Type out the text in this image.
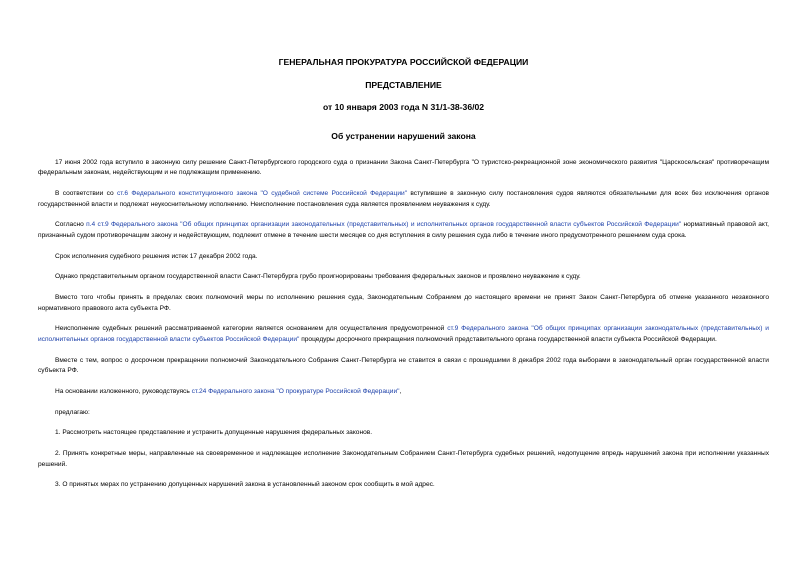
ГЕНЕРАЛЬНАЯ ПРОКУРАТУРА РОССИЙСКОЙ ФЕДЕРАЦИИ
ПРЕДСТАВЛЕНИЕ
от 10 января 2003 года N 31/1-38-36/02
Об устранении нарушений закона

17 июня 2002 года вступило в законную силу решение Санкт-Петербургского городского суда о признании Закона Санкт-Петербурга "О туристско-рекреационной зоне экономического развития "Царскосельская" противоречащим федеральным законам, недействующим и не подлежащим применению.

В соответствии со ст.6 Федерального конституционного закона "О судебной системе Российской Федерации" вступившие в законную силу постановления судов являются обязательными для всех без исключения органов государственной власти и подлежат неукоснительному исполнению. Неисполнение постановления суда является проявлением неуважения к суду.

Согласно п.4 ст.9 Федерального закона "Об общих принципах организации законодательных (представительных) и исполнительных органов государственной власти субъектов Российской Федерации" нормативный правовой акт, признанный судом противоречащим закону и недействующим, подлежит отмене в течение шести месяцев со дня вступления в силу решения суда либо в течение иного предусмотренного решением суда срока.

Срок исполнения судебного решения истек 17 декабря 2002 года.

Однако представительным органом государственной власти Санкт-Петербурга грубо проигнорированы требования федеральных законов и проявлено неуважение к суду.

Вместо того чтобы принять в пределах своих полномочий меры по исполнению решения суда, Законодательным Собранием до настоящего времени не принят Закон Санкт-Петербурга об отмене указанного незаконного нормативного правового акта субъекта РФ.

Неисполнение судебных решений рассматриваемой категории является основанием для осуществления предусмотренной ст.9 Федерального закона "Об общих принципах организации законодательных (представительных) и исполнительных органов государственной власти субъектов Российской Федерации" процедуры досрочного прекращения полномочий представительного органа государственной власти субъекта Российской Федерации.

Вместе с тем, вопрос о досрочном прекращении полномочий Законодательного Собрания Санкт-Петербурга не ставится в связи с прошедшими 8 декабря 2002 года выборами в законодательный орган государственной власти субъекта РФ.

На основании изложенного, руководствуясь ст.24 Федерального закона "О прокуратуре Российской Федерации",

предлагаю:

1. Рассмотреть настоящее представление и устранить допущенные нарушения федеральных законов.

2. Принять конкретные меры, направленные на своевременное и надлежащее исполнение Законодательным Собранием Санкт-Петербурга судебных решений, недопущение впредь нарушений закона при исполнении указанных решений.

3. О принятых мерах по устранению допущенных нарушений закона в установленный законом срок сообщить в мой адрес.
